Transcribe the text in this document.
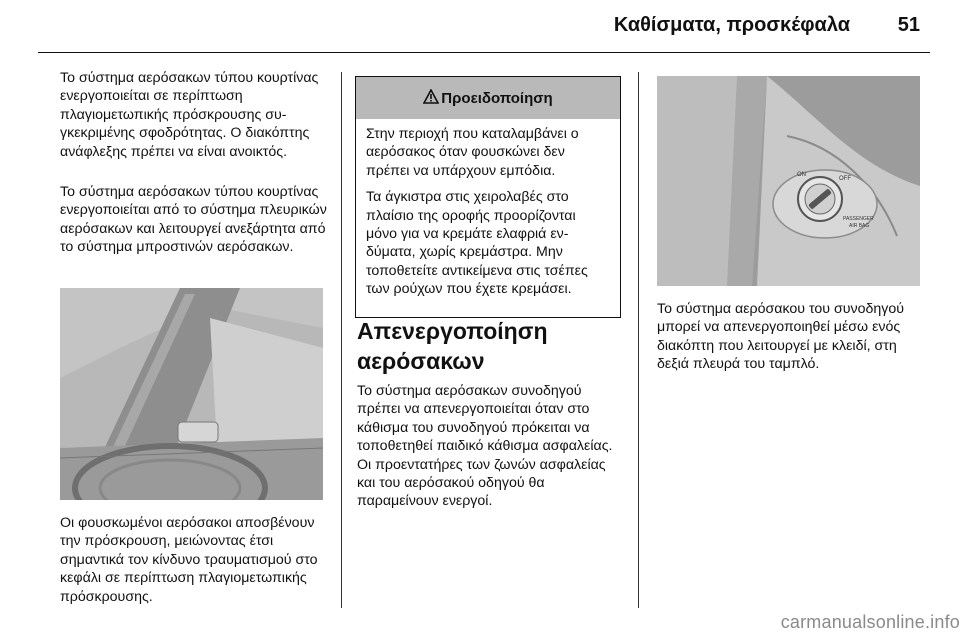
Καθίσματα, προσκέφαλα	51

Το σύστημα αερόσακων τύπου κουρτίνας ενεργοποιείται σε περίπτωση πλαγιομετωπικής πρόσκρουσης συγκεκριμένης σφοδρότητας. Ο διακόπτης ανάφλεξης πρέπει να είναι ανοικτός.

Το σύστημα αερόσακων τύπου κουρτίνας ενεργοποιείται από το σύστημα πλευρικών αερόσακων και λειτουργεί ανεξάρτητα από το σύστημα μπροστινών αερόσακων.

Οι φουσκωμένοι αερόσακοι αποσβένουν την πρόσκρουση, μειώνοντας έτσι σημαντικά τον κίνδυνο τραυματισμού στο κεφάλι σε περίπτωση πλαγιομετωπικής πρόσκρουσης.

Προειδοποίηση

Στην περιοχή που καταλαμβάνει ο αερόσακος όταν φουσκώνει δεν πρέπει να υπάρχουν εμπόδια.

Τα άγκιστρα στις χειρολαβές στο πλαίσιο της οροφής προορίζονται μόνο για να κρεμάτε ελαφριά ενδύματα, χωρίς κρεμάστρα. Μην τοποθετείτε αντικείμενα στις τσέπες των ρούχων που έχετε κρεμάσει.

Απενεργοποίηση αερόσακων

Το σύστημα αερόσακων συνοδηγού πρέπει να απενεργοποιείται όταν στο κάθισμα του συνοδηγού πρόκειται να τοποθετηθεί παιδικό κάθισμα ασφαλείας. Οι προεντατήρες των ζωνών ασφαλείας και του αερόσακού οδηγού θα παραμείνουν ενεργοί.

ON
OFF
PASSENGER
AIR BAG

Το σύστημα αερόσακου του συνοδηγού μπορεί να απενεργοποιηθεί μέσω ενός διακόπτη που λειτουργεί με κλειδί, στη δεξιά πλευρά του ταμπλό.

carmanualsonline.info
